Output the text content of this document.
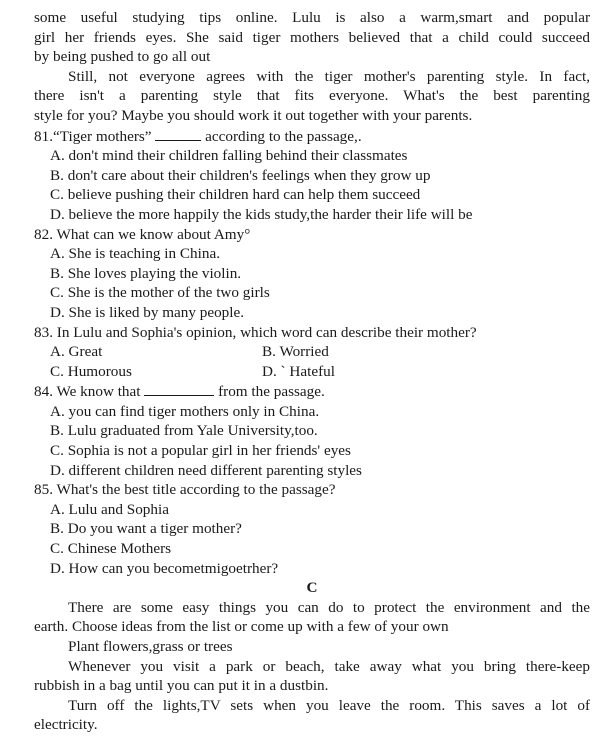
some useful studying tips online. Lulu is also a warm,smart and popular
girl her friends eyes. She said tiger mothers believed that a child could succeed
by being pushed to go all out
Still, not everyone agrees with the tiger mother's parenting style. In fact,
there isn't a parenting style that fits everyone. What's the best parenting
style for you? Maybe you should work it out together with your parents.
81.“Tiger mothers”	according to the passage,.
A. don't mind their children falling behind their classmates
B. don't care about their children's feelings when they grow up
C. believe pushing their children hard can help them succeed
D. believe the more happily the kids study,the harder their life will be
82. What can we know about Amy°
A. She is teaching in China.
B. She loves playing the violin.
C. She is the mother of the two girls
D. She is liked by many people.
83. In Lulu and Sophia's opinion, which word can describe their mother?
A. Great	B. Worried
C. Humorous	D. ` Hateful
84. We know that	from the passage.
A. you can find tiger mothers only in China.
B. Lulu graduated from Yale University,too.
C. Sophia is not a popular girl in her friends' eyes
D. different children need different parenting styles
85. What's the best title according to the passage?
A. Lulu and Sophia
B. Do you want a tiger mother?
C. Chinese Mothers
D. How can you becometmigoetrher?
C
There are some easy things you can do to protect the environment and the
earth. Choose ideas from the list or come up with a few of your own
Plant flowers,grass or trees
Whenever you visit a park or beach, take away what you bring there-keep
rubbish in a bag until you can put it in a dustbin.
Turn off the lights,TV sets when you leave the room. This saves a lot of
electricity.
